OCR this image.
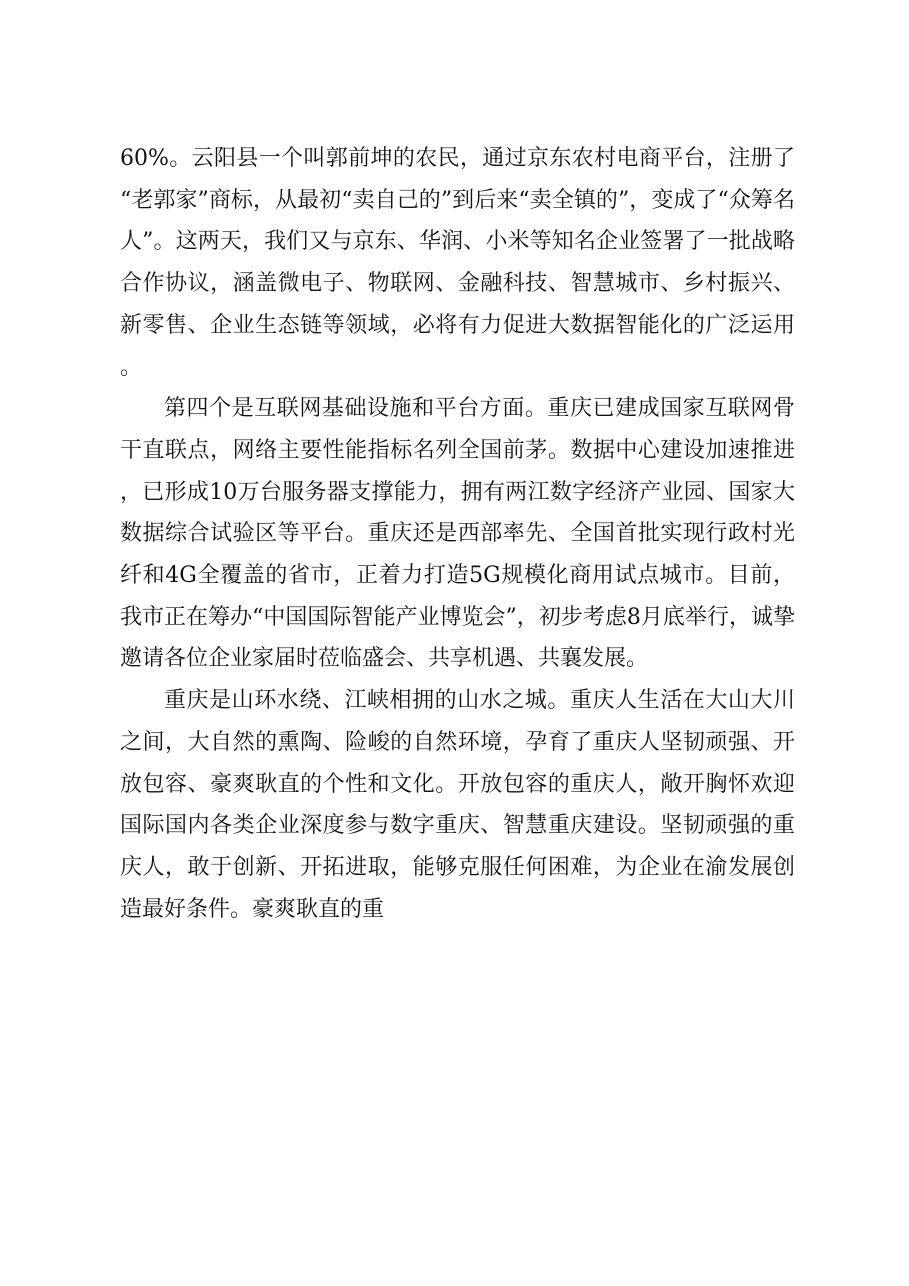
60%。云阳县一个叫郭前坤的农民，通过京东农村电商平台，注册了“老郭家”商标，从最初“卖自己的”到后来“卖全镇的”，变成了“众筹名人”。这两天，我们又与京东、华润、小米等知名企业签署了一批战略合作协议，涵盖微电子、物联网、金融科技、智慧城市、乡村振兴、新零售、企业生态链等领域，必将有力促进大数据智能化的广泛运用。

第四个是互联网基础设施和平台方面。重庆已建成国家互联网骨干直联点，网络主要性能指标名列全国前茅。数据中心建设加速推进，已形成10万台服务器支撑能力，拥有两江数字经济产业园、国家大数据综合试验区等平台。重庆还是西部率先、全国首批实现行政村光纤和4G全覆盖的省市，正着力打造5G规模化商用试点城市。目前，我市正在筹办“中国国际智能产业博览会”，初步考虑8月底举行，诚挚邀请各位企业家届时莅临盛会、共享机遇、共襄发展。

重庆是山环水绕、江峡相拥的山水之城。重庆人生活在大山大川之间，大自然的熏陶、险峻的自然环境，孕育了重庆人坚韧顽强、开放包容、豪爽耿直的个性和文化。开放包容的重庆人，敞开胸怀欢迎国际国内各类企业深度参与数字重庆、智慧重庆建设。坚韧顽强的重庆人，敢于创新、开拓进取，能够克服任何困难，为企业在渝发展创造最好条件。豪爽耿直的重
